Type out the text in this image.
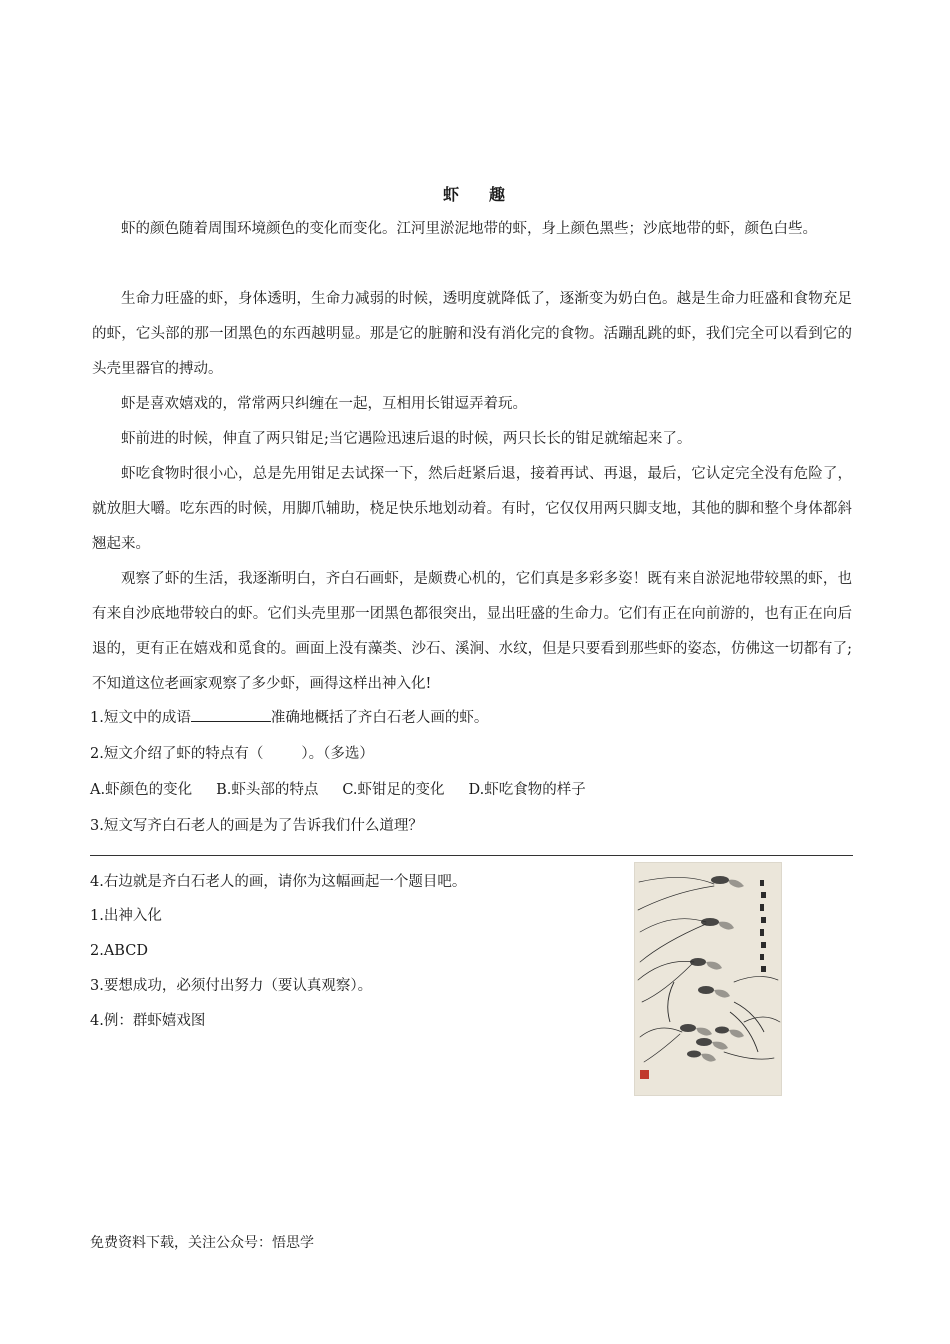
虾 趣

虾的颜色随着周围环境颜色的变化而变化。江河里淤泥地带的虾，身上颜色黑些；沙底地带的虾，颜色白些。

生命力旺盛的虾，身体透明，生命力减弱的时候，透明度就降低了，逐渐变为奶白色。越是生命力旺盛和食物充足的虾，它头部的那一团黑色的东西越明显。那是它的脏腑和没有消化完的食物。活蹦乱跳的虾，我们完全可以看到它的头壳里器官的搏动。

虾是喜欢嬉戏的，常常两只纠缠在一起，互相用长钳逗弄着玩。

虾前进的时候，伸直了两只钳足;当它遇险迅速后退的时候，两只长长的钳足就缩起来了。

虾吃食物时很小心，总是先用钳足去试探一下，然后赶紧后退，接着再试、再退，最后，它认定完全没有危险了，就放胆大嚼。吃东西的时候，用脚爪辅助，桡足快乐地划动着。有时，它仅仅用两只脚支地，其他的脚和整个身体都斜翘起来。

观察了虾的生活，我逐渐明白，齐白石画虾，是颇费心机的，它们真是多彩多姿！既有来自淤泥地带较黑的虾，也有来自沙底地带较白的虾。它们头壳里那一团黑色都很突出，显出旺盛的生命力。它们有正在向前游的，也有正在向后退的，更有正在嬉戏和觅食的。画面上没有藻类、沙石、溪涧、水纹，但是只要看到那些虾的姿态，仿佛这一切都有了;不知道这位老画家观察了多少虾，画得这样出神入化!

1.短文中的成语	准确地概括了齐白石老人画的虾。
2.短文介绍了虾的特点有（	）。（多选）
A.虾颜色的变化 B.虾头部的特点 C.虾钳足的变化 D.虾吃食物的样子
3.短文写齐白石老人的画是为了告诉我们什么道理？
4.右边就是齐白石老人的画，请你为这幅画起一个题目吧。
1.出神入化
2.ABCD
3.要想成功，必须付出努力（要认真观察）。
4.例：群虾嬉戏图
免费资料下载，关注公众号：悟思学
